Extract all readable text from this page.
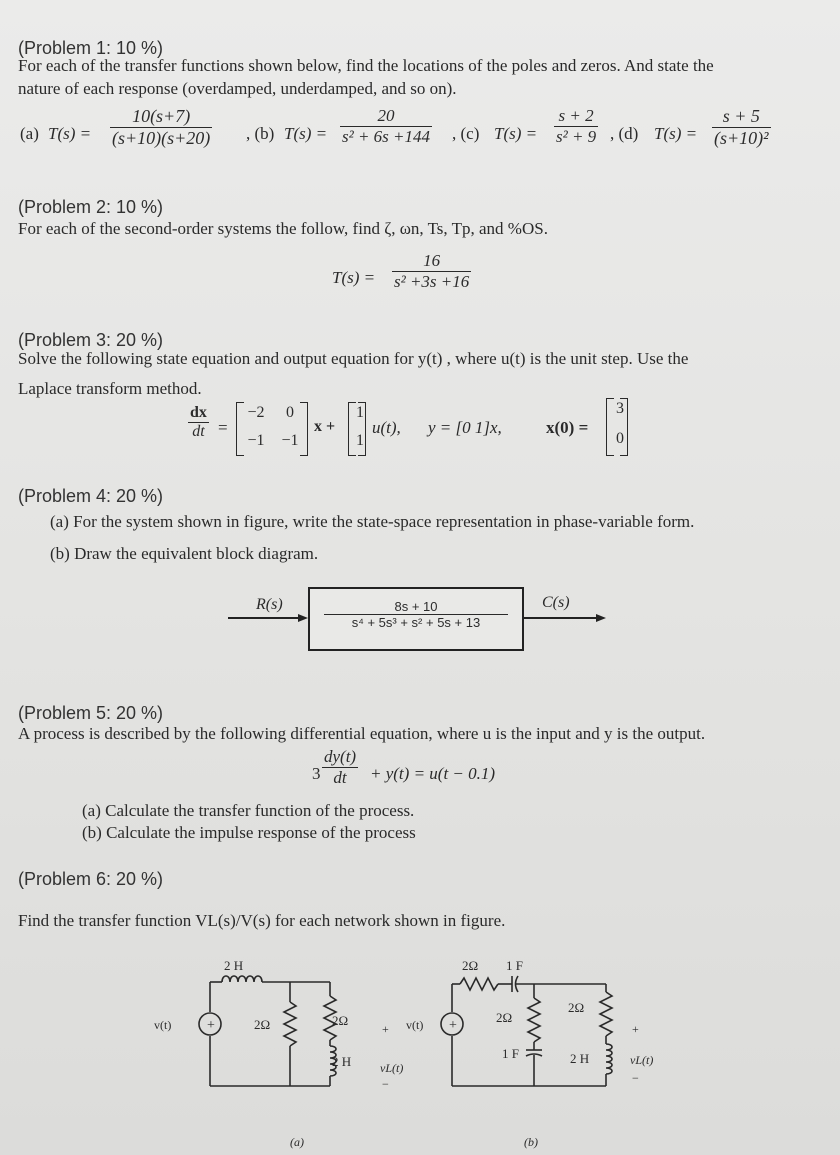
(Problem 1: 10 %)
For each of the transfer functions shown below, find the locations of the poles and zeros. And state the
nature of each response (overdamped, underdamped, and so on).
(a) $T(s) = \frac{10(s+7)}{(s+10)(s+20)}$ , (b) $T(s) = \frac{20}{\text{s² + 6s +144}}$ , (c) $T(s) = \frac{s + 2}{\text{s² + 9}}$ , (d) $T(s) = \frac{s + 5}{\text{(s+10)²}}$
(Problem 2: 10 %)
For each of the second-order systems the follow, find ζ, ωn, Ts, Tp, and %OS.
$T(s) = \frac{16}{\text{s² +3s +16}}$
(Problem 3: 20 %)
Solve the following state equation and output equation for y(t) , where u(t) is the unit step. Use the
Laplace transform method.
$\frac{dx}{dt}$ =
−2	0
−1 −1
x +
1
1
u(t), y = [0 1]x,	x(0) =
3
0
(Problem 4: 20 %)
(a) For the system shown in figure, write the state-space representation in phase-variable form.
(b) Draw the equivalent block diagram.
R(s)	$\frac{8s + 10}{\text{s⁴ + 5s³ + s² + 5s + 13}} C(s)$
(Problem 5: 20 %)
A process is described by the following differential equation, where u is the input and y is the output.
$3 \frac{dy(t)}{dt} + y(t) = u(t - 0.1)$
(a) Calculate the transfer function of the process.
(b) Calculate the impulse response of the process
(Problem 6: 20 %)
Find the transfer function VL(s)/V(s) for each network shown in figure.
+
2 H
v(t)	2Ω	2Ω
2 H
+
vL(t)
−
(a)
+
2Ω 1 F
v(t)	2Ω
1 F
2Ω
2 H
+
vL(t)
−
(b)
